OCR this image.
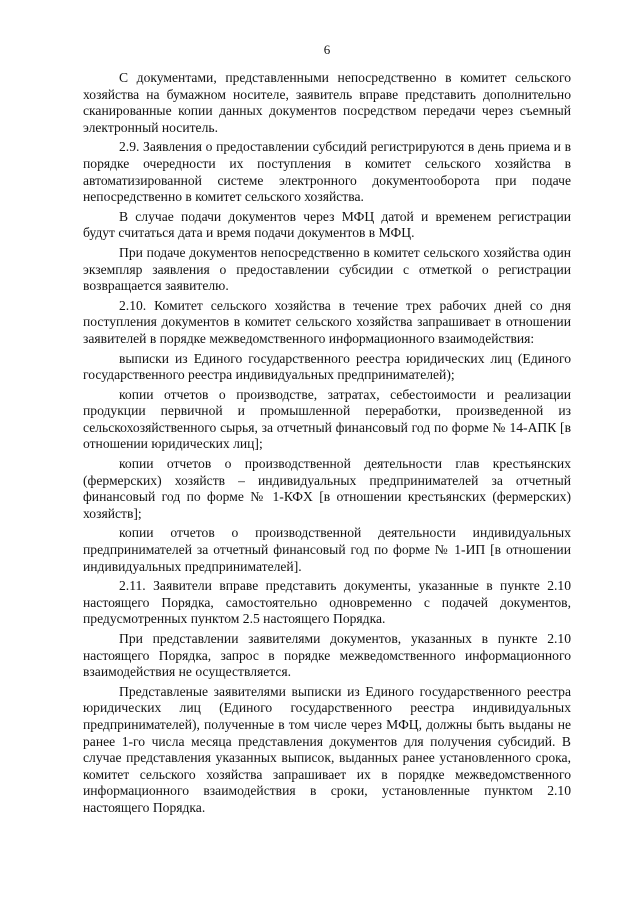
6

С документами, представленными непосредственно в комитет сельского хозяйства на бумажном носителе, заявитель вправе представить дополнительно сканированные копии данных документов посредством передачи через съемный электронный носитель.

2.9. Заявления о предоставлении субсидий регистрируются в день приема и в порядке очередности их поступления в комитет сельского хозяйства в автоматизированной системе электронного документооборота при подаче непосредственно в комитет сельского хозяйства.

В случае подачи документов через МФЦ датой и временем регистрации будут считаться дата и время подачи документов в МФЦ.

При подаче документов непосредственно в комитет сельского хозяйства один экземпляр заявления о предоставлении субсидии с отметкой о регистрации возвращается заявителю.

2.10. Комитет сельского хозяйства в течение трех рабочих дней со дня поступления документов в комитет сельского хозяйства запрашивает в отношении заявителей в порядке межведомственного информационного взаимодействия:

выписки из Единого государственного реестра юридических лиц (Единого государственного реестра индивидуальных предпринимателей);

копии отчетов о производстве, затратах, себестоимости и реализации продукции первичной и промышленной переработки, произведенной из сельскохозяйственного сырья, за отчетный финансовый год по форме № 14-АПК [в отношении юридических лиц];

копии отчетов о производственной деятельности глав крестьянских (фермерских) хозяйств – индивидуальных предпринимателей за отчетный финансовый год по форме № 1-КФХ [в отношении крестьянских (фермерских) хозяйств];

копии отчетов о производственной деятельности индивидуальных предпринимателей за отчетный финансовый год по форме № 1-ИП [в отношении индивидуальных предпринимателей].

2.11. Заявители вправе представить документы, указанные в пункте 2.10 настоящего Порядка, самостоятельно одновременно с подачей документов, предусмотренных пунктом 2.5 настоящего Порядка.

При представлении заявителями документов, указанных в пункте 2.10 настоящего Порядка, запрос в порядке межведомственного информационного взаимодействия не осуществляется.

Представленые заявителями выписки из Единого государственного реестра юридических лиц (Единого государственного реестра индивидуальных предпринимателей), полученные в том числе через МФЦ, должны быть выданы не ранее 1-го числа месяца представления документов для получения субсидий. В случае представления указанных выписок, выданных ранее установленного срока, комитет сельского хозяйства запрашивает их в порядке межведомственного информационного взаимодействия в сроки, установленные пунктом 2.10 настоящего Порядка.
